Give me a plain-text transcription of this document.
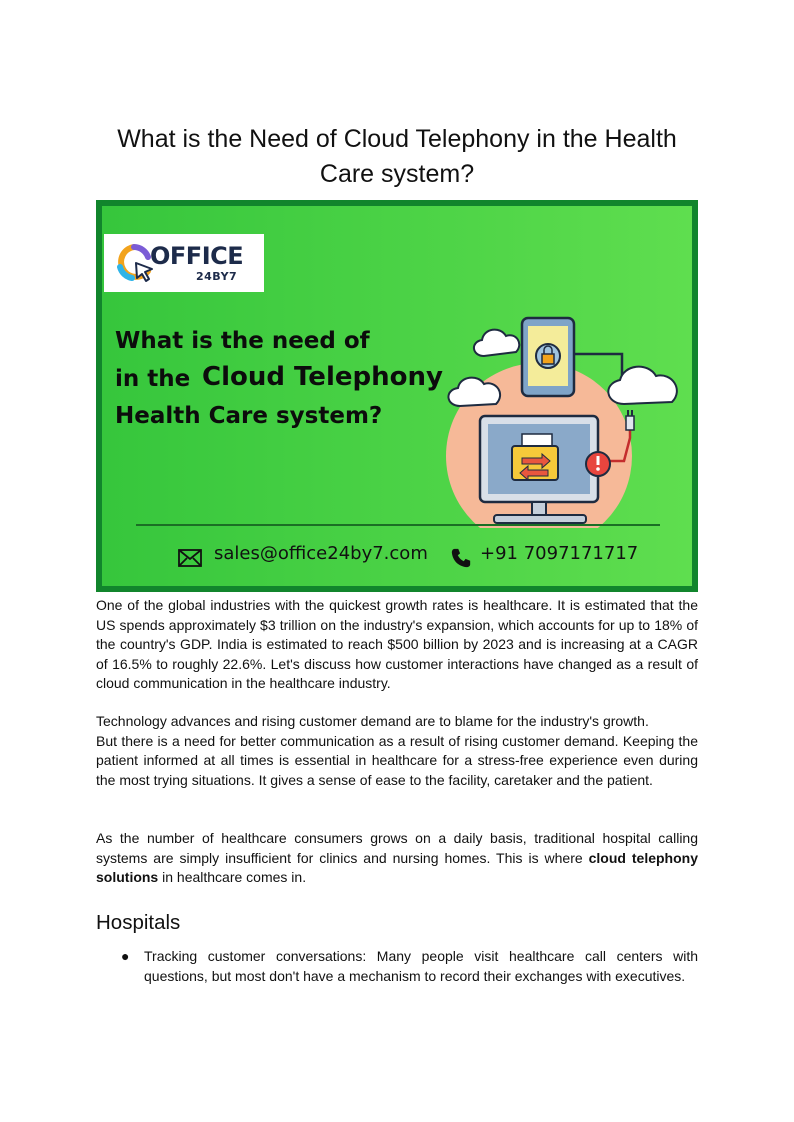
What is the Need of Cloud Telephony in the Health Care system?
OFFICE
24BY7
What is the need of
in the Cloud Telephony
Health Care system?
sales@office24by7.com	+91 7097171717

One of the global industries with the quickest growth rates is healthcare. It is estimated that the US spends approximately $3 trillion on the industry's expansion, which accounts for up to 18% of the country's GDP. India is estimated to reach $500 billion by 2023 and is increasing at a CAGR of 16.5% to roughly 22.6%. Let's discuss how customer interactions have changed as a result of cloud communication in the healthcare industry.

Technology advances and rising customer demand are to blame for the industry's growth.
But there is a need for better communication as a result of rising customer demand. Keeping the patient informed at all times is essential in healthcare for a stress-free experience even during the most trying situations. It gives a sense of ease to the facility, caretaker and the patient.

As the number of healthcare consumers grows on a daily basis, traditional hospital calling systems are simply insufficient for clinics and nursing homes. This is where cloud telephony solutions in healthcare comes in.

Hospitals
● Tracking customer conversations: Many people visit healthcare call centers with questions, but most don't have a mechanism to record their exchanges with executives.
